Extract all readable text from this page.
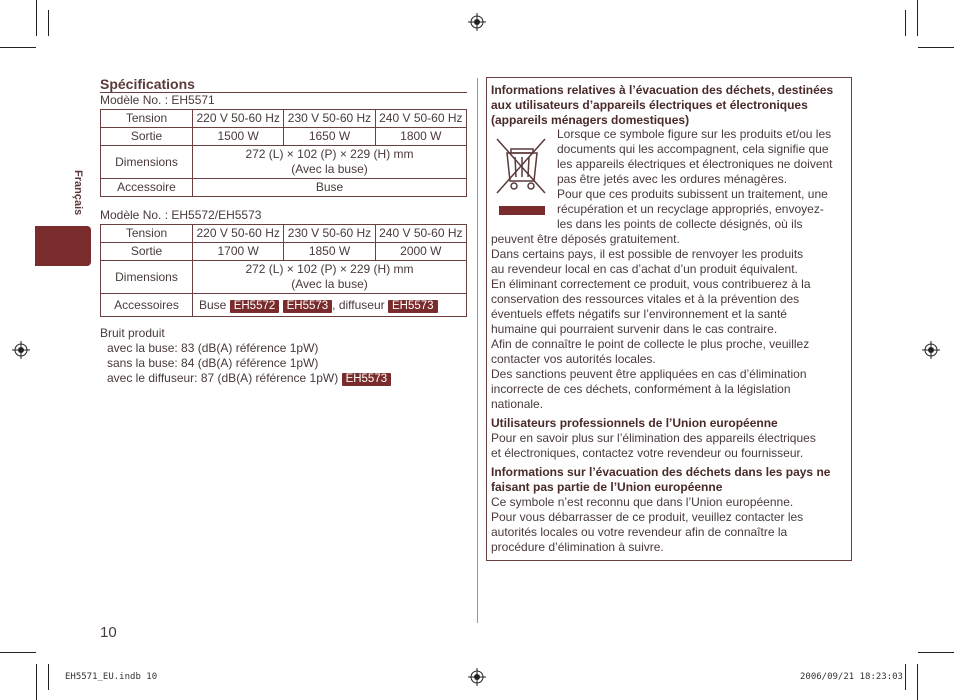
Français
Spécifications
Modèle No. : EH5571
Tension	220 V 50-60 Hz	230 V 50-60 Hz	240 V 50-60 Hz
Sortie	1500 W	1650 W	1800 W
Dimensions	272 (L) × 102 (P) × 229 (H) mm
(Avec la buse)		

Accessoire	Buse		
Modèle No. : EH5572/EH5573
Tension	220 V 50-60 Hz	230 V 50-60 Hz	240 V 50-60 Hz
Sortie	1700 W	1850 W	2000 W
Dimensions	272 (L) × 102 (P) × 229 (H) mm
(Avec la buse)		

Accessoires	Buse EH5572 EH5573 , diffuseur EH5573		
Bruit produit
avec la buse: 83 (dB(A) référence 1pW)
sans la buse: 84 (dB(A) référence 1pW)
avec le diffuseur: 87 (dB(A) référence 1pW) EH5573
10
Informations relatives à l’évacuation des déchets, destinées aux utilisateurs d’appareils électriques et électroniques (appareils ménagers domestiques)
Lorsque ce symbole figure sur les produits et/ou les
documents qui les accompagnent, cela signifie que
les appareils électriques et électroniques ne doivent
pas être jetés avec les ordures ménagères.
Pour que ces produits subissent un traitement, une
récupération et un recyclage appropriés, envoyez-
les dans les points de collecte désignés, où ils
peuvent être déposés gratuitement.
Dans certains pays, il est possible de renvoyer les produits
au revendeur local en cas d’achat d’un produit équivalent.
En éliminant correctement ce produit, vous contribuerez à la
conservation des ressources vitales et à la prévention des
éventuels effets négatifs sur l’environnement et la santé
humaine qui pourraient survenir dans le cas contraire.
Afin de connaître le point de collecte le plus proche, veuillez
contacter vos autorités locales.
Des sanctions peuvent être appliquées en cas d’élimination
incorrecte de ces déchets, conformément à la législation
nationale.
Utilisateurs professionnels de l’Union européenne
Pour en savoir plus sur l’élimination des appareils électriques
et électroniques, contactez votre revendeur ou fournisseur.
Informations sur l’évacuation des déchets dans les pays ne faisant pas partie de l’Union européenne
Ce symbole n’est reconnu que dans l’Union européenne.
Pour vous débarrasser de ce produit, veuillez contacter les
autorités locales ou votre revendeur afin de connaître la
procédure d’élimination à suivre.
EH5571_EU.indb 10	2006/09/21 18:23:03
